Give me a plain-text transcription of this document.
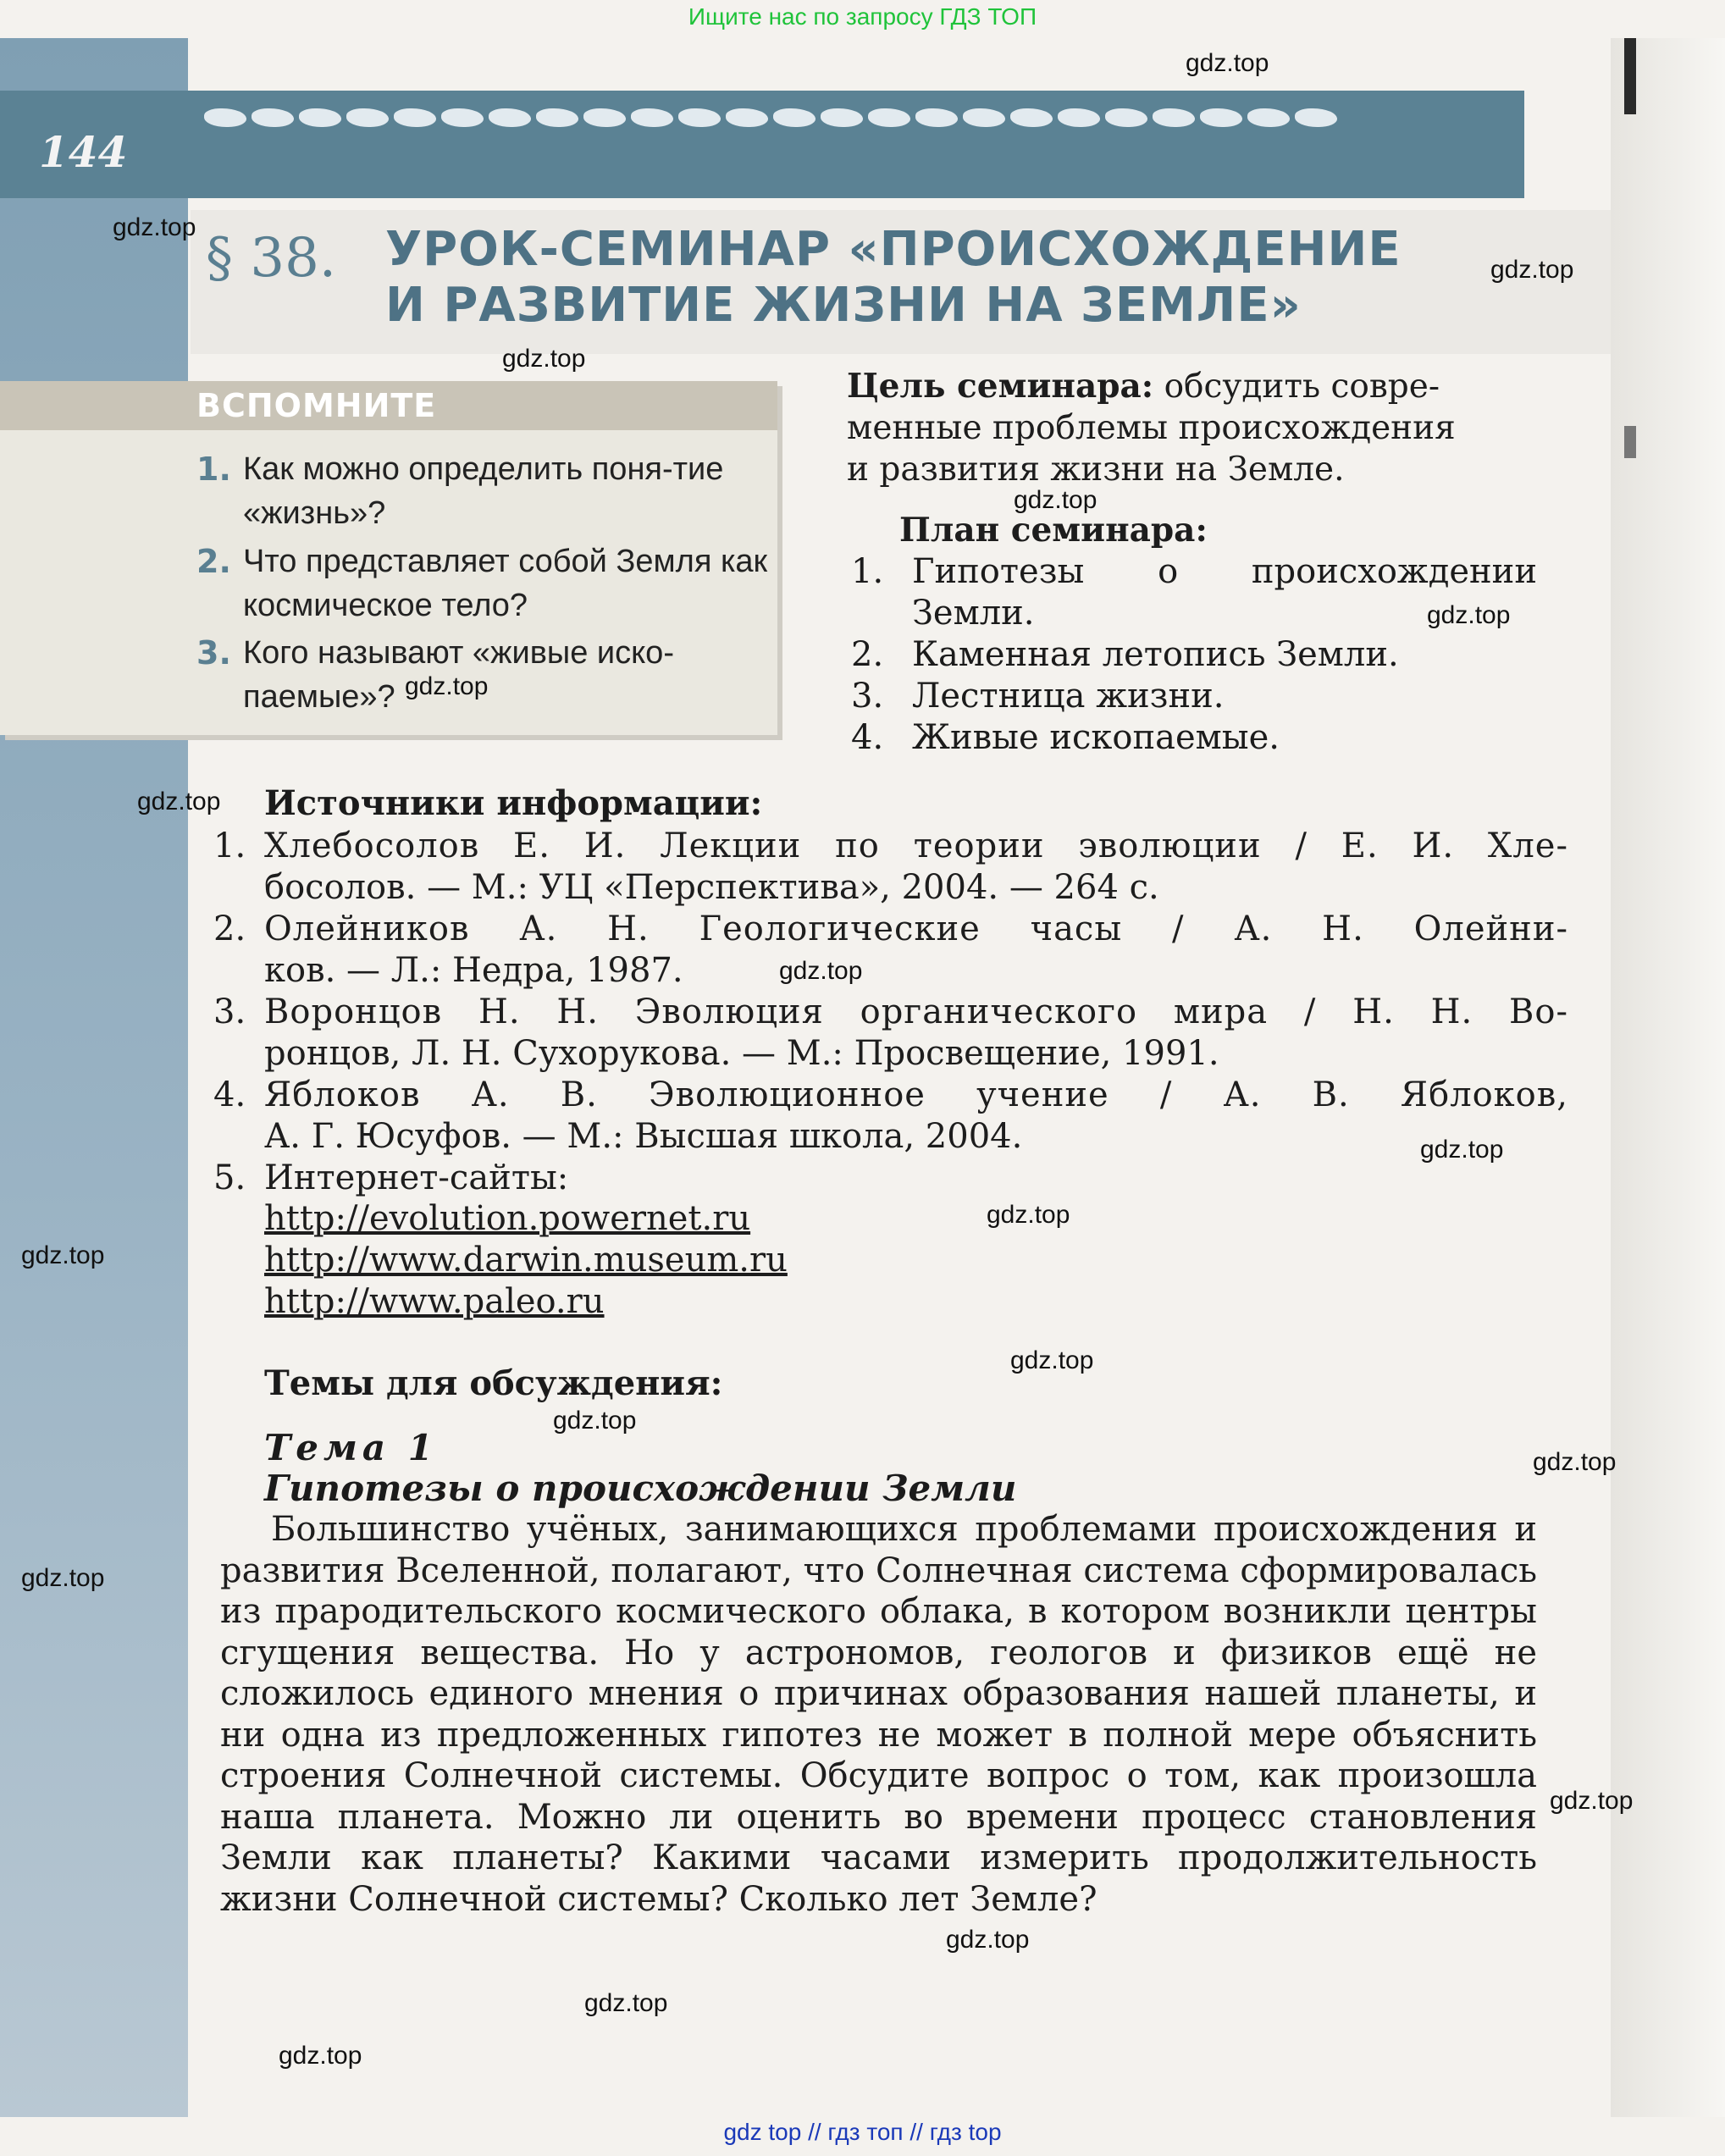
Ищите нас по запросу ГДЗ ТОП
144
§ 38. УРОК-СЕМИНАР «ПРОИСХОЖДЕНИЕ
И РАЗВИТИЕ ЖИЗНИ НА ЗЕМЛЕ»
ВСПОМНИТЕ
1. Как можно определить поня-тие «жизнь»?
2. Что представляет собой Земля как космическое тело?
3. Кого называют «живые иско-паемые»?
Цель семинара: обсудить совре-
менные проблемы происхождения
и развития жизни на Земле.
План семинара:
1. Гипотезы о происхождении
Земли.
2. Каменная летопись Земли.
3. Лестница жизни.
4. Живые ископаемые.
Источники информации:
1. Хлебосолов Е. И. Лекции по теории эволюции / Е. И. Хле-
босолов. — М.: УЦ «Перспектива», 2004. — 264 с.
2. Олейников А. Н. Геологические часы / А. Н. Олейни-
ков. — Л.: Недра, 1987.
3. Воронцов Н. Н. Эволюция органического мира / Н. Н. Во-
ронцов, Л. Н. Сухорукова. — М.: Просвещение, 1991.
4. Яблоков А. В. Эволюционное учение / А. В. Яблоков,
А. Г. Юсуфов. — М.: Высшая школа, 2004.
5. Интернет-сайты:
http://evolution.powernet.ru
http://www.darwin.museum.ru
http://www.paleo.ru
Темы для обсуждения:
Тема 1
Гипотезы о происхождении Земли
Большинство учёных, занимающихся проблемами происхождения и развития Вселенной, полагают, что Солнечная система сформировалась из прародительского космического облака, в котором возникли центры сгущения вещества. Но у астрономов, геологов и физиков ещё не сложилось единого мнения о причинах образования нашей планеты, и ни одна из предложенных гипотез не может в полной мере объяснить строения Солнечной системы. Обсудите вопрос о том, как произошла наша планета. Можно ли оценить во времени процесс становления Земли как планеты? Какими часами измерить продолжительность жизни Солнечной системы? Сколько лет Земле?
gdz.top
gdz.top
gdz.top
gdz.top
gdz.top
gdz.top
gdz.top
gdz.top
gdz.top
gdz.top
gdz.top
gdz.top
gdz.top
gdz.top
gdz.top
gdz.top
gdz.top
gdz.top
gdz.top
gdz.top
gdz top // гдз топ // гдз top
